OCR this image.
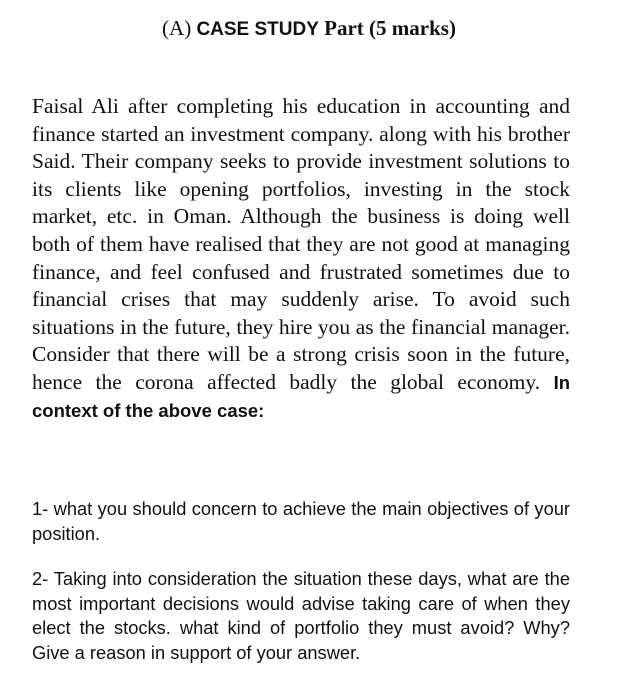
(A) CASE STUDY Part (5 marks)

Faisal Ali after completing his education in accounting and finance started an investment company. along with his brother Said. Their company seeks to provide investment solutions to its clients like opening portfolios, investing in the stock market, etc. in Oman. Although the business is doing well both of them have realised that they are not good at managing finance, and feel confused and frustrated sometimes due to financial crises that may suddenly arise. To avoid such situations in the future, they hire you as the financial manager. Consider that there will be a strong crisis soon in the future, hence the corona affected badly the global economy. In context of the above case:

1- what you should concern to achieve the main objectives of your position.

2- Taking into consideration the situation these days, what are the most important decisions would advise taking care of when they elect the stocks. what kind of portfolio they must avoid? Why? Give a reason in support of your answer.
